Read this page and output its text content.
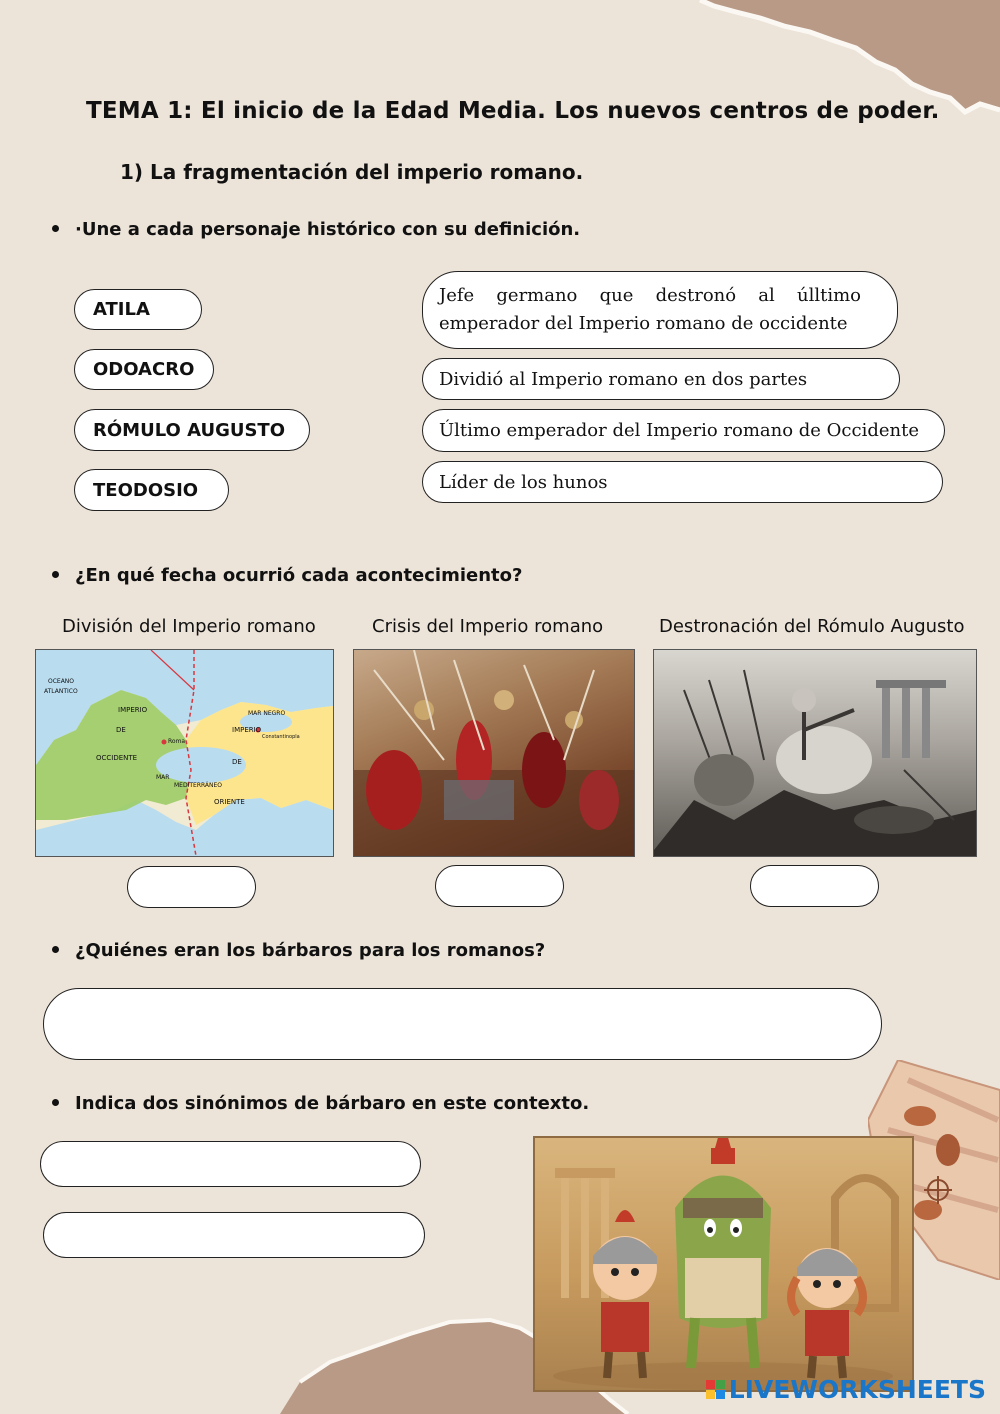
TEMA 1: El inicio de la Edad Media. Los nuevos centros de poder.
1) La fragmentación del imperio romano.
·Une a cada personaje histórico con su definición.
ATILA
ODOACRO
RÓMULO AUGUSTO
TEODOSIO
Jefe germano que destronó al úlltimo emperador del Imperio romano de occidente
Dividió al Imperio romano en dos partes
Último emperador del Imperio romano de Occidente
Líder de los hunos
¿En qué fecha ocurrió cada acontecimiento?
División del Imperio romano	Crisis del Imperio romano	Destronación del Rómulo Augusto
OCEANO
ATLANTICO
IMPERIO
DE
OCCIDENTE
Roma
IMPERIO
DE
ORIENTE
MAR NEGRO
Constantinopla
MAR
MEDITERRÁNEO
¿Quiénes eran los bárbaros para los romanos?
Indica dos sinónimos de bárbaro en este contexto.
LIVEWORKSHEETS
